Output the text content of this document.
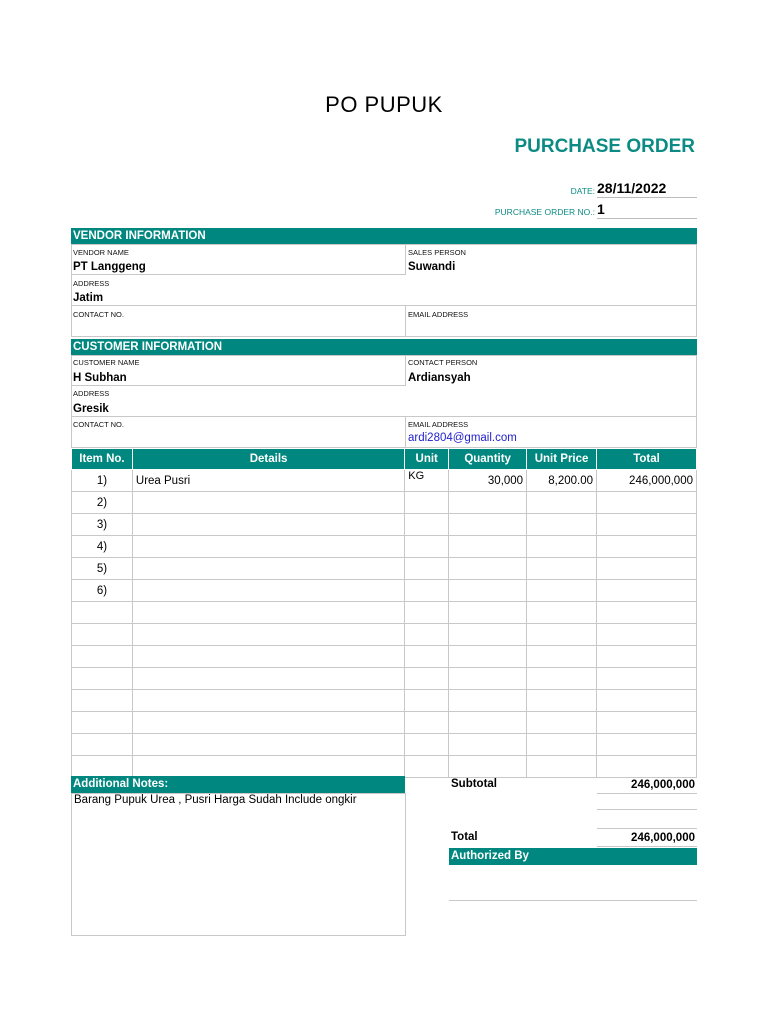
PO PUPUK
PURCHASE ORDER
DATE: 28/11/2022
PURCHASE ORDER NO.: 1
VENDOR INFORMATION
VENDOR NAME
PT Langgeng
SALES PERSON
Suwandi
ADDRESS
Jatim
CONTACT NO.	EMAIL ADDRESS
CUSTOMER INFORMATION
CUSTOMER NAME
H Subhan
CONTACT PERSON
Ardiansyah
ADDRESS
Gresik
CONTACT NO.	EMAIL ADDRESS
ardi2804@gmail.com
Item No.	Details	Unit	Quantity	Unit Price	Total
1)	Urea Pusri	KG	30,000	8,200.00	246,000,000
2)					
3)					
4)					
5)					
6)					

Additional Notes:
Barang Pupuk Urea , Pusri Harga Sudah Include ongkir
Subtotal	246,000,000
Total	246,000,000
Authorized By
